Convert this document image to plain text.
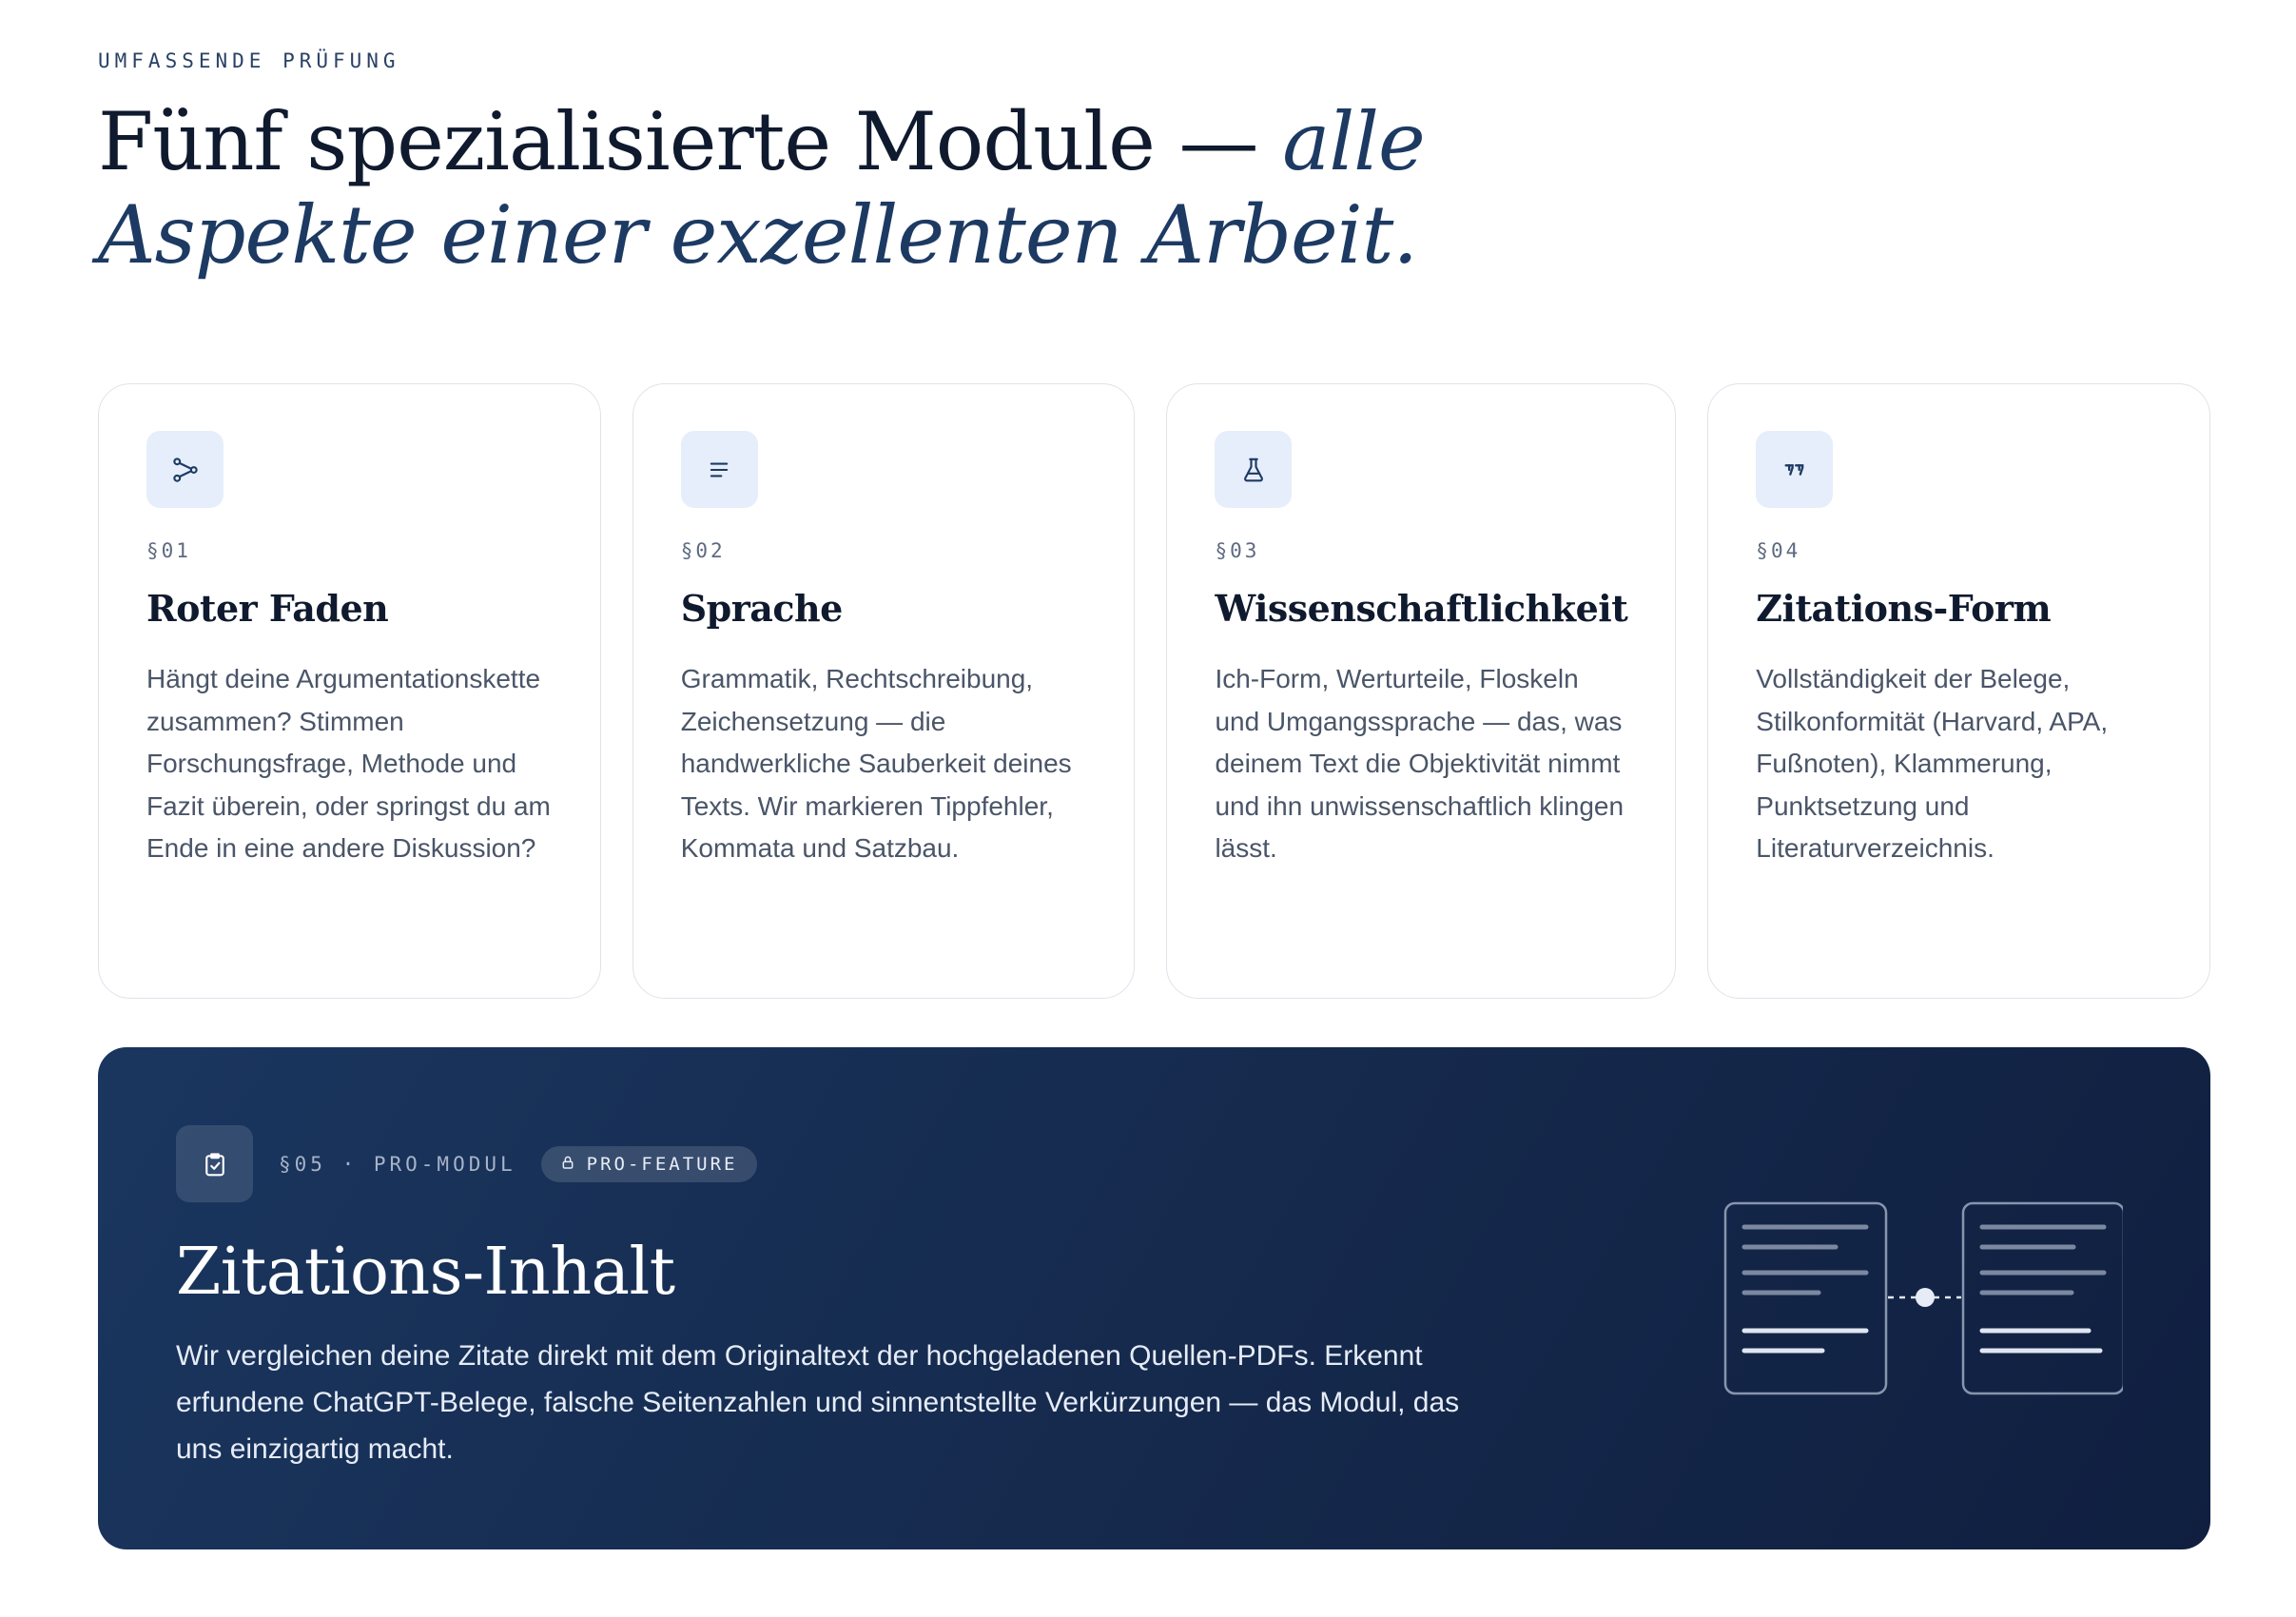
UMFASSENDE PRÜFUNG
Fünf spezialisierte Module — alle
Aspekte einer exzellenten Arbeit.
§01
Roter Faden
Hängt deine Argumentationskette zusammen? Stimmen Forschungsfrage, Methode und Fazit überein, oder springst du am Ende in eine andere Diskussion?
§02
Sprache
Grammatik, Rechtschreibung, Zeichensetzung — die handwerkliche Sauberkeit deines Texts. Wir markieren Tippfehler, Kommata und Satzbau.
§03
Wissenschaftlichkeit
Ich-Form, Werturteile, Floskeln und Umgangssprache — das, was deinem Text die Objektivität nimmt und ihn unwissenschaftlich klingen lässt.
§04
Zitations-Form
Vollständigkeit der Belege, Stilkonformität (Harvard, APA, Fußnoten), Klammerung, Punktsetzung und Literaturverzeichnis.
§05 · PRO-MODUL	PRO-FEATURE
Zitations-Inhalt
Wir vergleichen deine Zitate direkt mit dem Originaltext der hochgeladenen Quellen-PDFs. Erkennt erfundene ChatGPT-Belege, falsche Seitenzahlen und sinnentstellte Verkürzungen — das Modul, das uns einzigartig macht.
